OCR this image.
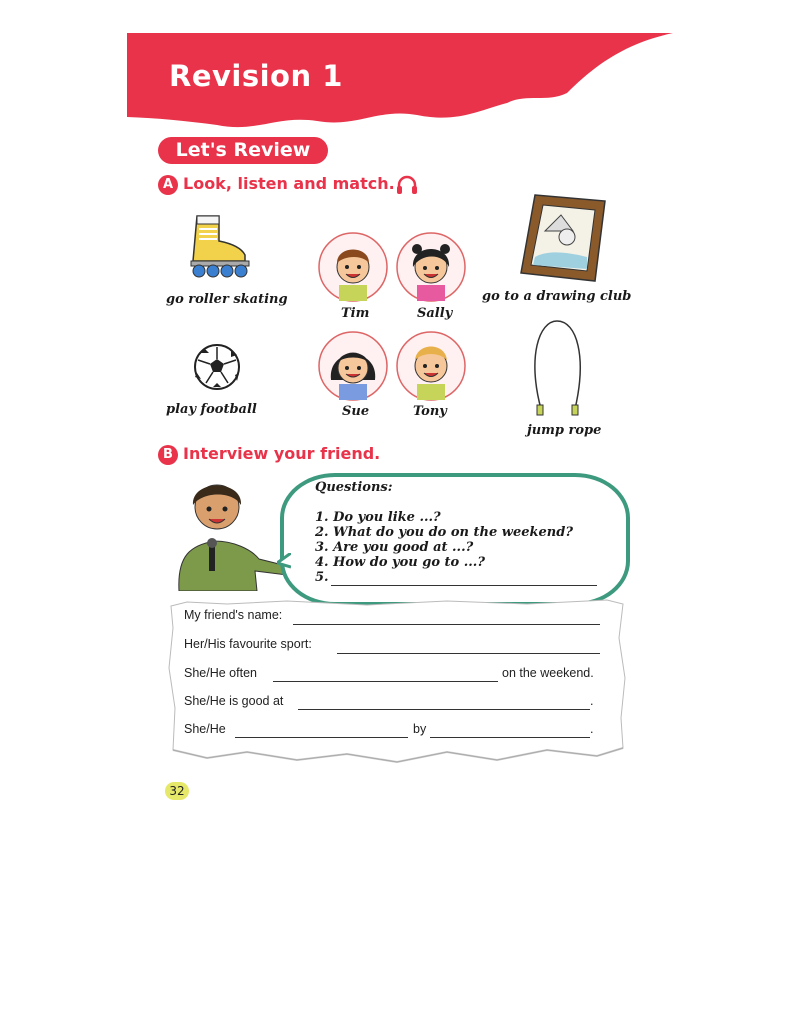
Revision 1
Let's Review
A Look, listen and match.
go roller skating
play football
Tim	Sally
Sue	Tony
go to a drawing club
jump rope
B Interview your friend.
Questions:
1. Do you like ...?
2. What do you do on the weekend?
3. Are you good at ...?
4. How do you go to ...?
5.
My friend's name:
Her/His favourite sport:
She/He often	on the weekend.
She/He is good at	.
She/He	by	.
32
